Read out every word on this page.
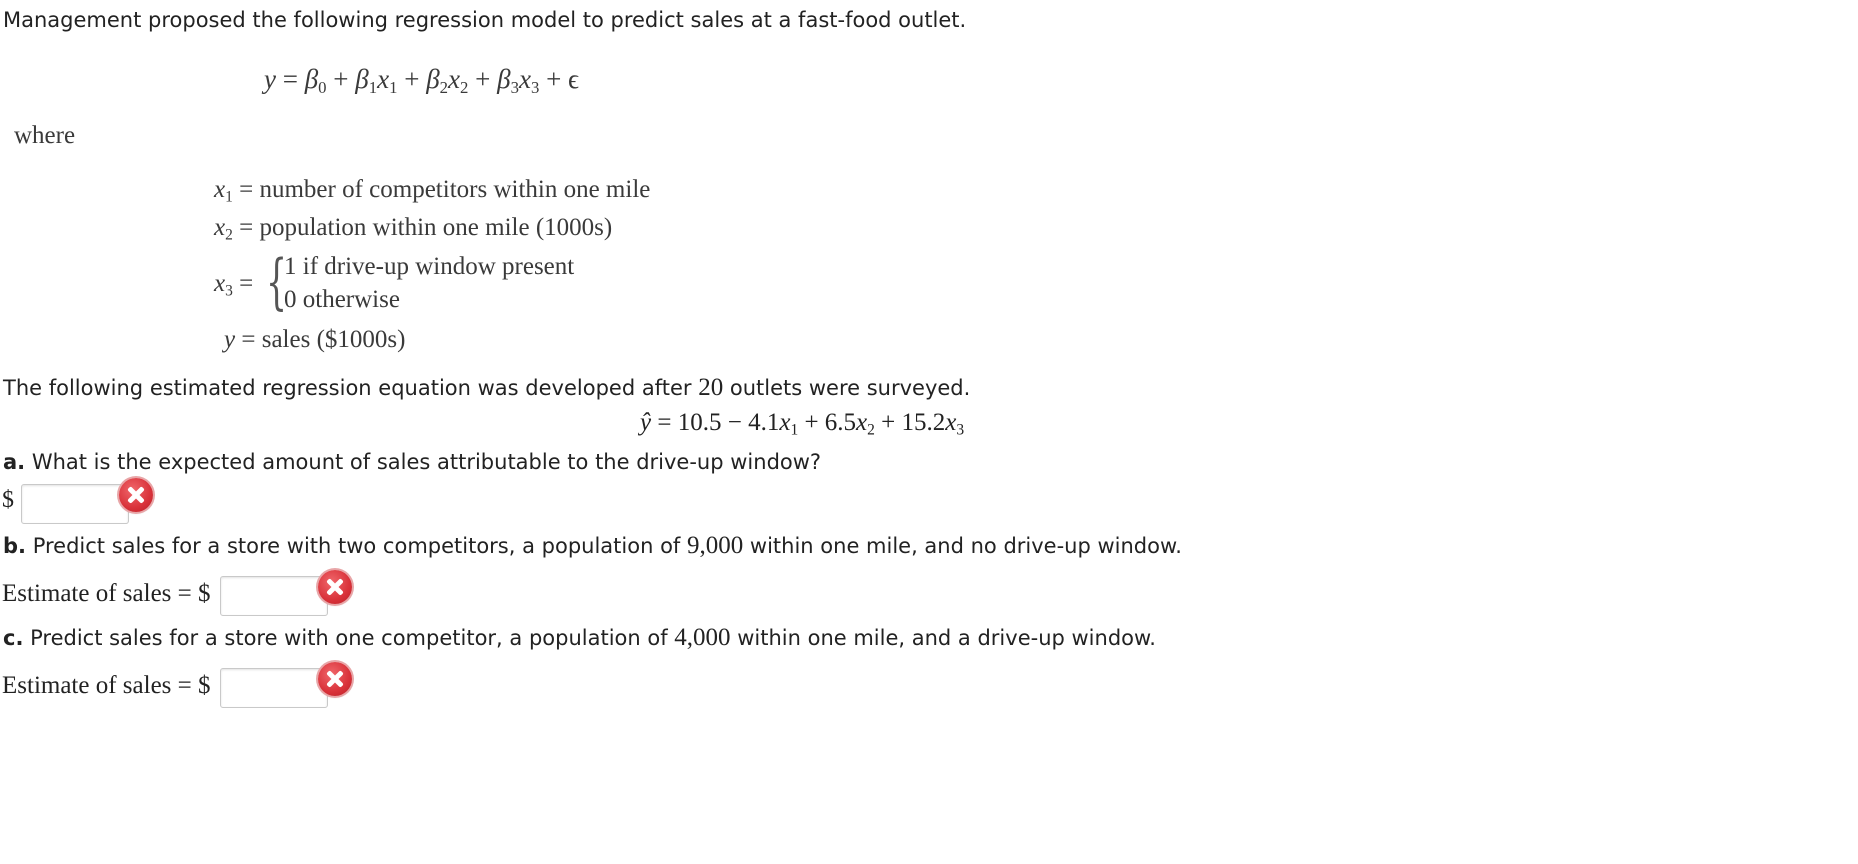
Management proposed the following regression model to predict sales at a fast-food outlet.
$y = \beta_0 + \beta_1x_1 + \beta_2x_2 + \beta_3x_3 + \epsilon$
where
$x_1$ = number of competitors within one mile
$x_2$ = population within one mile (1000s)
$x_3$ = {
1 if drive-up window present
0 otherwise
y = sales ($1000s)
The following estimated regression equation was developed after 20 outlets were surveyed.
ŷ = $10.5 - 4.1x_1 + 6.5x_2 + 15.2x_3$
a. What is the expected amount of sales attributable to the drive-up window?
$
b. Predict sales for a store with two competitors, a population of 9,000 within one mile, and no drive-up window.
Estimate of sales = $
c. Predict sales for a store with one competitor, a population of 4,000 within one mile, and a drive-up window.
Estimate of sales = $
